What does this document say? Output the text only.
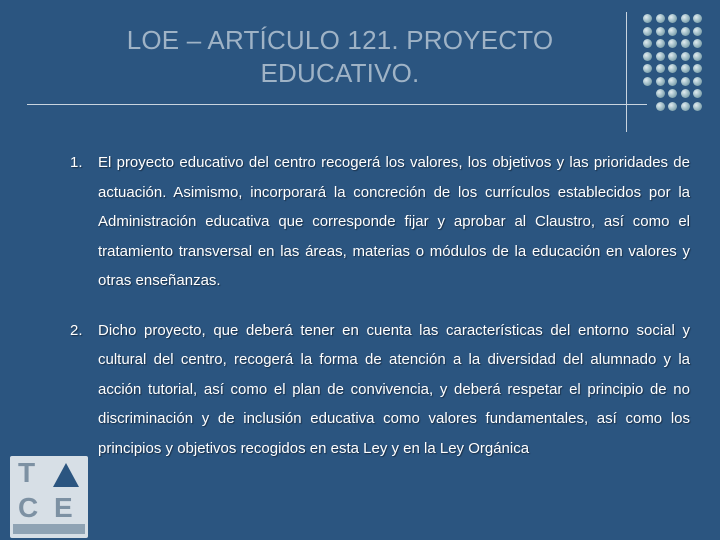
LOE – ARTÍCULO 121. PROYECTO
EDUCATIVO.
1. El proyecto educativo del centro recogerá los valores, los objetivos y las prioridades de actuación. Asimismo, incorporará la concreción de los currículos establecidos por la Administración educativa que corresponde fijar y aprobar al Claustro, así como el tratamiento transversal en las áreas, materias o módulos de la educación en valores y otras enseñanzas.
2. Dicho proyecto, que deberá tener en cuenta las características del entorno social y cultural del centro, recogerá la forma de atención a la diversidad del alumnado y la acción tutorial, así como el plan de convivencia, y deberá respetar el principio de no discriminación y de inclusión educativa como valores fundamentales, así como los principios y objetivos recogidos en esta Ley y en la Ley Orgánica
T
C E
